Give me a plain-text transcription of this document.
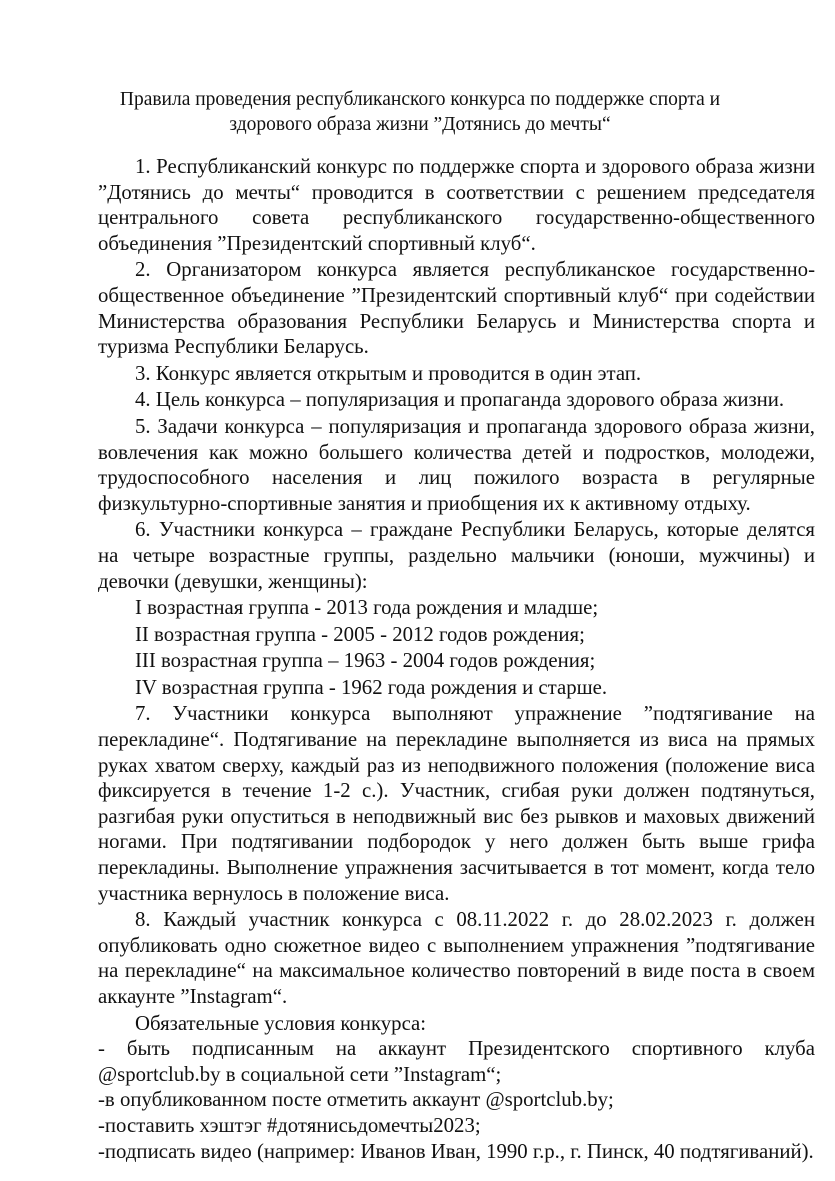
Правила проведения республиканского конкурса по поддержке спорта и
здорового образа жизни ”Дотянись до мечты“

1. Республиканский конкурс по поддержке спорта и здорового образа жизни ”Дотянись до мечты“ проводится в соответствии с решением председателя центрального совета республиканского государственно-общественного объединения ”Президентский спортивный клуб“.

2. Организатором конкурса является республиканское государственно-общественное объединение ”Президентский спортивный клуб“ при содействии Министерства образования Республики Беларусь и Министерства спорта и туризма Республики Беларусь.

3. Конкурс является открытым и проводится в один этап.

4. Цель конкурса – популяризация и пропаганда здорового образа жизни.

5. Задачи конкурса – популяризация и пропаганда здорового образа жизни, вовлечения как можно большего количества детей и подростков, молодежи, трудоспособного населения и лиц пожилого возраста в регулярные физкультурно-спортивные занятия и приобщения их к активному отдыху.

6. Участники конкурса – граждане Республики Беларусь, которые делятся на четыре возрастные группы, раздельно мальчики (юноши, мужчины) и девочки (девушки, женщины):

I возрастная группа - 2013 года рождения и младше;

II возрастная группа - 2005 - 2012 годов рождения;

III возрастная группа – 1963 - 2004 годов рождения;

IV возрастная группа - 1962 года рождения и старше.

7. Участники конкурса выполняют упражнение ”подтягивание на перекладине“. Подтягивание на перекладине выполняется из виса на прямых руках хватом сверху, каждый раз из неподвижного положения (положение виса фиксируется в течение 1-2 с.). Участник, сгибая руки должен подтянуться, разгибая руки опуститься в неподвижный вис без рывков и маховых движений ногами. При подтягивании подбородок у него должен быть выше грифа перекладины. Выполнение упражнения засчитывается в тот момент, когда тело участника вернулось в положение виса.

8. Каждый участник конкурса с 08.11.2022 г. до 28.02.2023 г. должен опубликовать одно сюжетное видео с выполнением упражнения ”подтягивание на перекладине“ на максимальное количество повторений в виде поста в своем аккаунте ”Instagram“.

Обязательные условия конкурса:

- быть подписанным на аккаунт Президентского спортивного клуба @sportclub.by в социальной сети ”Instagram“;

-в опубликованном посте отметить аккаунт @sportclub.by;

-поставить хэштэг #дотянисьдомечты2023;

-подписать видео (например: Иванов Иван, 1990 г.р., г. Пинск, 40 подтягиваний).
